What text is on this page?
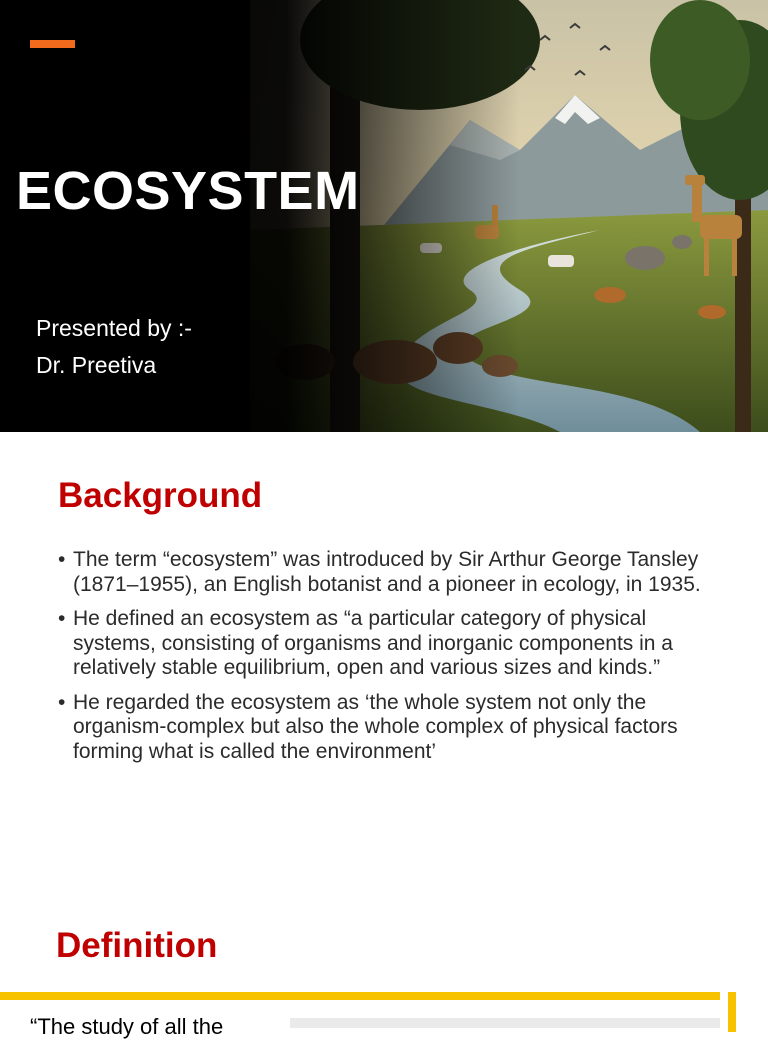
ECOSYSTEM
Presented by :-
Dr. Preetiva
Background
• The term “ecosystem” was introduced by Sir Arthur George Tansley (1871–1955), an English botanist and a pioneer in ecology, in 1935.
• He defined an ecosystem as “a particular category of physical systems, consisting of organisms and inorganic components in a relatively stable equilibrium, open and various sizes and kinds.”
• He regarded the ecosystem as ‘the whole system not only the organism-complex but also the whole complex of physical factors forming what is called the environment’
Definition
“The study of all the
